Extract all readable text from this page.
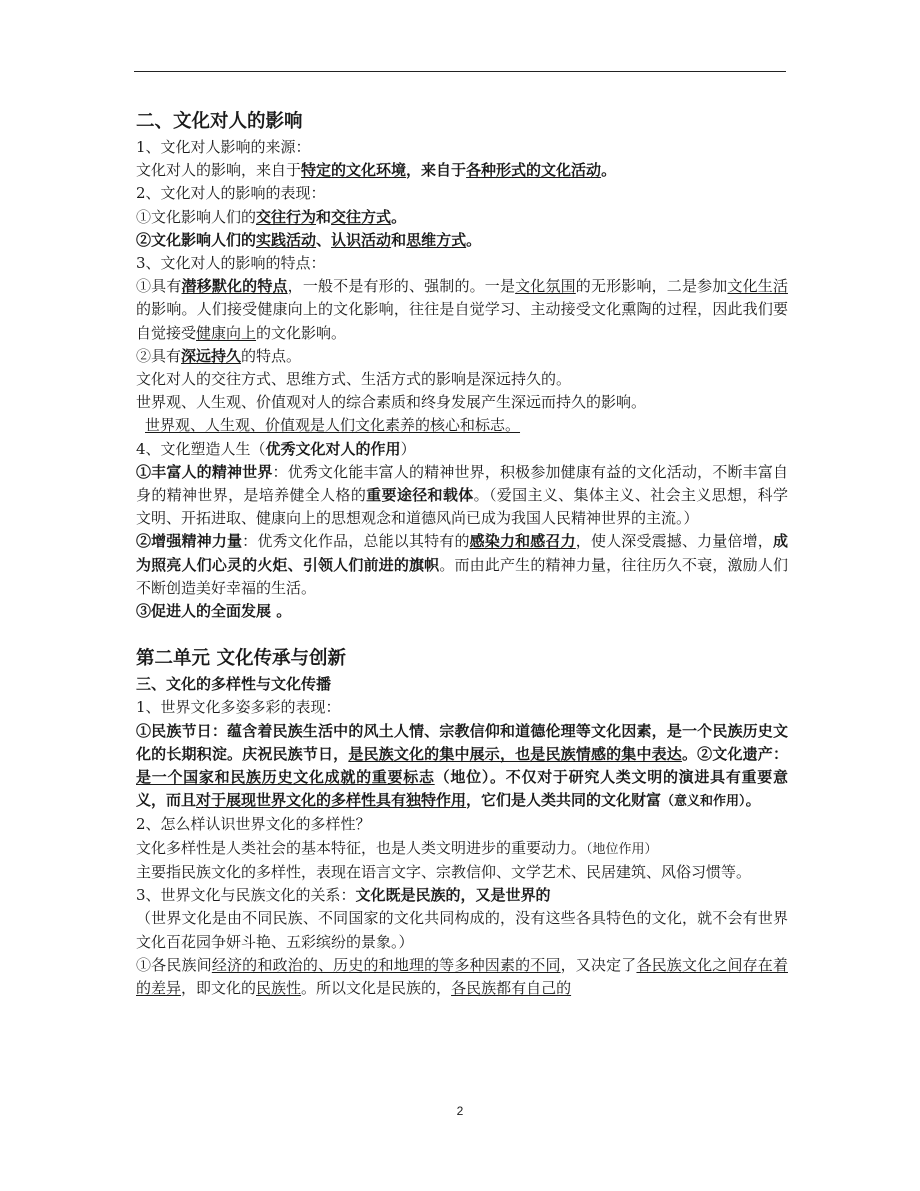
二、文化对人的影响

1、文化对人影响的来源：

文化对人的影响，来自于特定的文化环境，来自于各种形式的文化活动。

2、文化对人的影响的表现：

①文化影响人们的交往行为和交往方式。

②文化影响人们的实践活动、认识活动和思维方式。

3、文化对人的影响的特点：

①具有潜移默化的特点，一般不是有形的、强制的。一是文化氛围的无形影响，二是参加文化生活的影响。人们接受健康向上的文化影响，往往是自觉学习、主动接受文化熏陶的过程，因此我们要自觉接受健康向上的文化影响。

②具有深远持久的特点。

文化对人的交往方式、思维方式、生活方式的影响是深远持久的。

世界观、人生观、价值观对人的综合素质和终身发展产生深远而持久的影响。

世界观、人生观、价值观是人们文化素养的核心和标志。

4、文化塑造人生（优秀文化对人的作用）

①丰富人的精神世界：优秀文化能丰富人的精神世界，积极参加健康有益的文化活动，不断丰富自身的精神世界，是培养健全人格的重要途径和载体。（爱国主义、集体主义、社会主义思想，科学文明、开拓进取、健康向上的思想观念和道德风尚已成为我国人民精神世界的主流。）

②增强精神力量：优秀文化作品，总能以其特有的感染力和感召力，使人深受震撼、力量倍增，成为照亮人们心灵的火炬、引领人们前进的旗帜。而由此产生的精神力量，往往历久不衰，激励人们不断创造美好幸福的生活。

③促进人的全面发展 。

第二单元 文化传承与创新

三、文化的多样性与文化传播

1、世界文化多姿多彩的表现：

①民族节日：蕴含着民族生活中的风土人情、宗教信仰和道德伦理等文化因素，是一个民族历史文化的长期积淀。庆祝民族节日，是民族文化的集中展示，也是民族情感的集中表达。②文化遗产：是一个国家和民族历史文化成就的重要标志（地位）。不仅对于研究人类文明的演进具有重要意义，而且对于展现世界文化的多样性具有独特作用，它们是人类共同的文化财富（意义和作用）。

2、怎么样认识世界文化的多样性？

文化多样性是人类社会的基本特征，也是人类文明进步的重要动力。（地位作用）

主要指民族文化的多样性，表现在语言文字、宗教信仰、文学艺术、民居建筑、风俗习惯等。

3、世界文化与民族文化的关系：文化既是民族的，又是世界的

（世界文化是由不同民族、不同国家的文化共同构成的，没有这些各具特色的文化，就不会有世界文化百花园争妍斗艳、五彩缤纷的景象。）

①各民族间经济的和政治的、历史的和地理的等多种因素的不同，又决定了各民族文化之间存在着的差异，即文化的民族性。所以文化是民族的，各民族都有自己的

2
